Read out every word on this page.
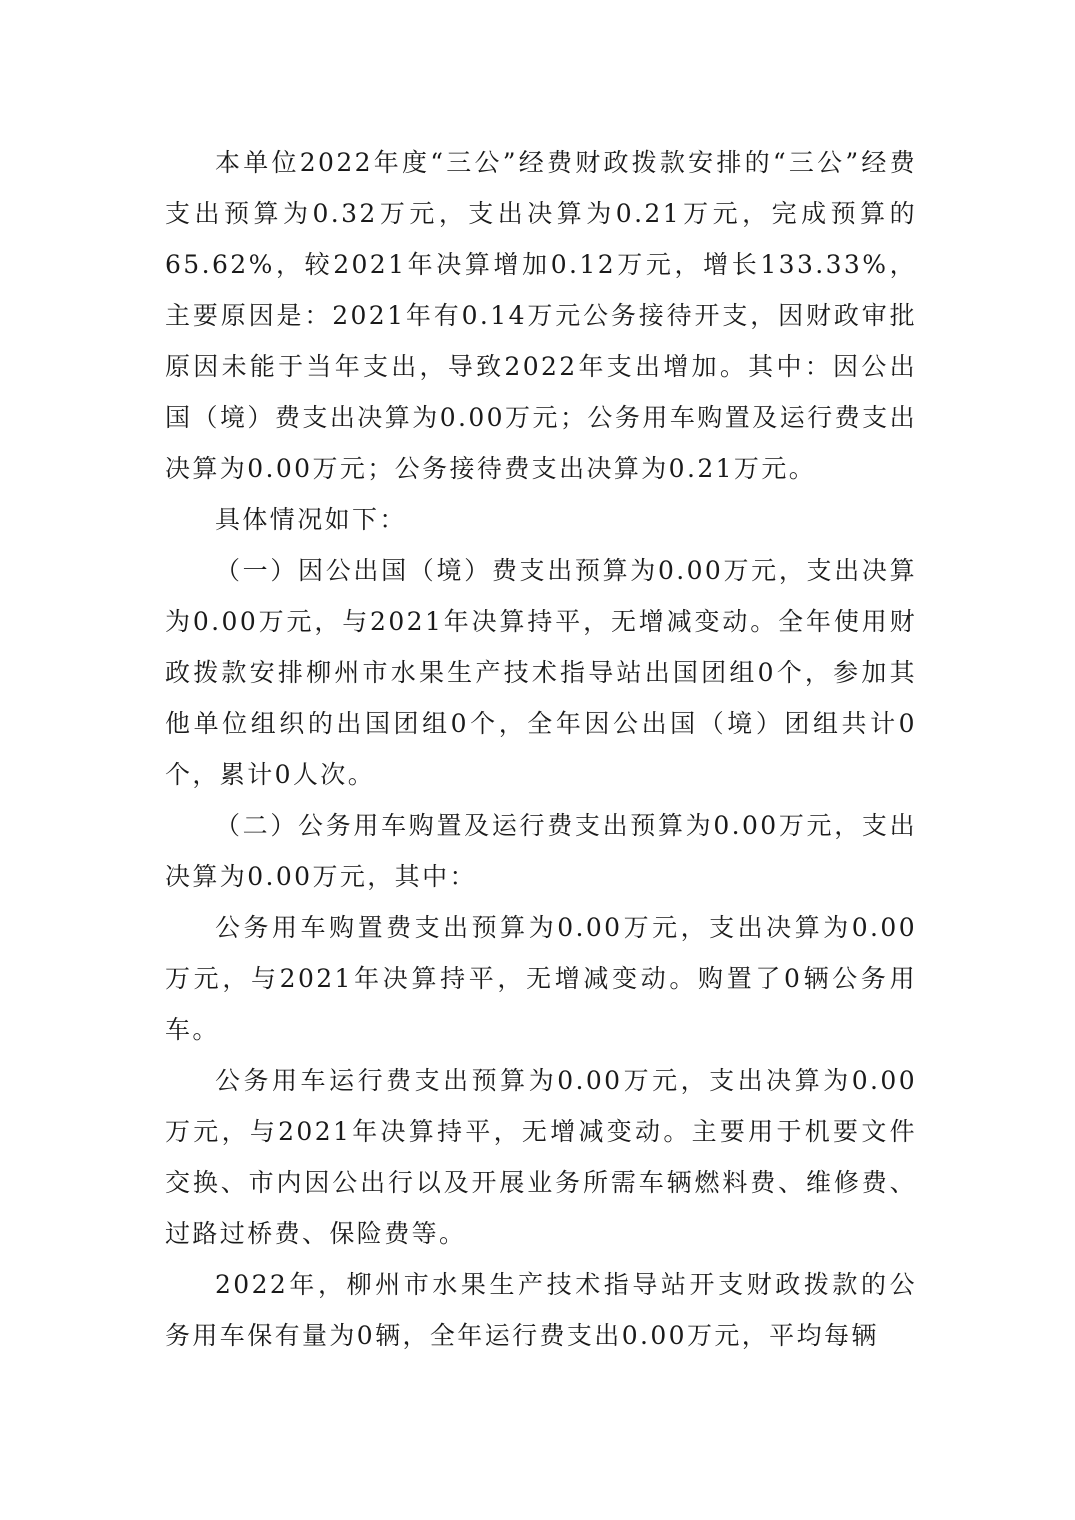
本单位2022年度“三公”经费财政拨款安排的“三公”经费支出预算为0.32万元，支出决算为0.21万元，完成预算的65.62%，较2021年决算增加0.12万元，增长133.33%，主要原因是：2021年有0.14万元公务接待开支，因财政审批原因未能于当年支出，导致2022年支出增加。其中：因公出国（境）费支出决算为0.00万元；公务用车购置及运行费支出决算为0.00万元；公务接待费支出决算为0.21万元。

具体情况如下：

（一）因公出国（境）费支出预算为0.00万元，支出决算为0.00万元，与2021年决算持平，无增减变动。全年使用财政拨款安排柳州市水果生产技术指导站出国团组0个，参加其他单位组织的出国团组0个，全年因公出国（境）团组共计0个，累计0人次。

（二）公务用车购置及运行费支出预算为0.00万元，支出决算为0.00万元，其中：

公务用车购置费支出预算为0.00万元，支出决算为0.00万元，与2021年决算持平，无增减变动。购置了0辆公务用车。

公务用车运行费支出预算为0.00万元，支出决算为0.00万元，与2021年决算持平，无增减变动。主要用于机要文件交换、市内因公出行以及开展业务所需车辆燃料费、维修费、过路过桥费、保险费等。

2022年，柳州市水果生产技术指导站开支财政拨款的公务用车保有量为0辆，全年运行费支出0.00万元，平均每辆
